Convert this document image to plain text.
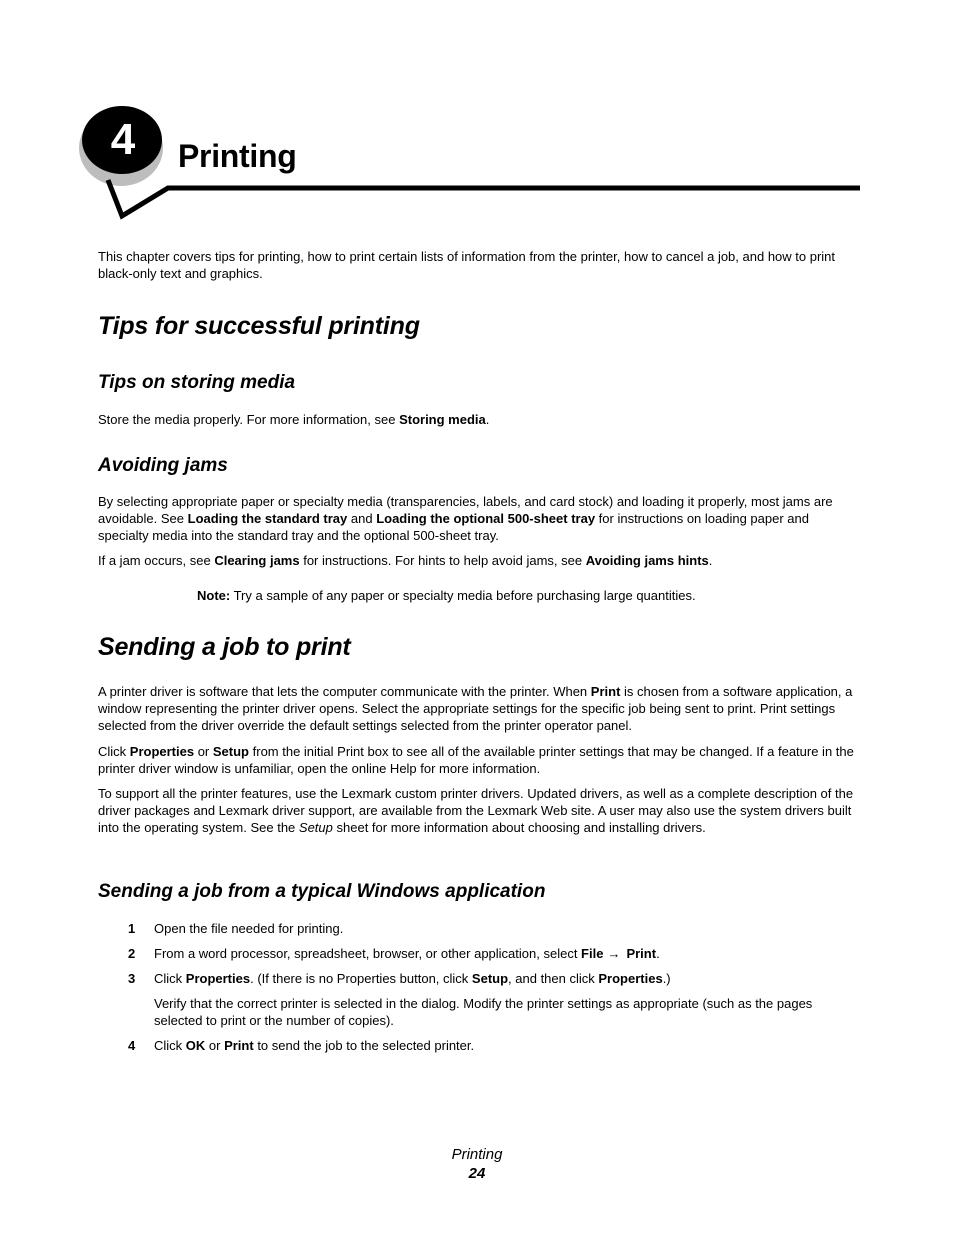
4	Printing

This chapter covers tips for printing, how to print certain lists of information from the printer, how to cancel a job, and how to print black-only text and graphics.

Tips for successful printing
Tips on storing media

Store the media properly. For more information, see Storing media.

Avoiding jams

By selecting appropriate paper or specialty media (transparencies, labels, and card stock) and loading it properly, most jams are avoidable. See Loading the standard tray and Loading the optional 500-sheet tray for instructions on loading paper and specialty media into the standard tray and the optional 500-sheet tray.

If a jam occurs, see Clearing jams for instructions. For hints to help avoid jams, see Avoiding jams hints.

Note: Try a sample of any paper or specialty media before purchasing large quantities.

Sending a job to print

A printer driver is software that lets the computer communicate with the printer. When Print is chosen from a software application, a window representing the printer driver opens. Select the appropriate settings for the specific job being sent to print. Print settings selected from the driver override the default settings selected from the printer operator panel.

Click Properties or Setup from the initial Print box to see all of the available printer settings that may be changed. If a feature in the printer driver window is unfamiliar, open the online Help for more information.

To support all the printer features, use the Lexmark custom printer drivers. Updated drivers, as well as a complete description of the driver packages and Lexmark driver support, are available from the Lexmark Web site. A user may also use the system drivers built into the operating system. See the Setup sheet for more information about choosing and installing drivers.

Sending a job from a typical Windows application
1 Open the file needed for printing.

2 From a word processor, spreadsheet, browser, or other application, select File → Print.

3 Click Properties. (If there is no Properties button, click Setup, and then click Properties.)

Verify that the correct printer is selected in the dialog. Modify the printer settings as appropriate (such as the pages selected to print or the number of copies).

4 Click OK or Print to send the job to the selected printer.

Printing
24
